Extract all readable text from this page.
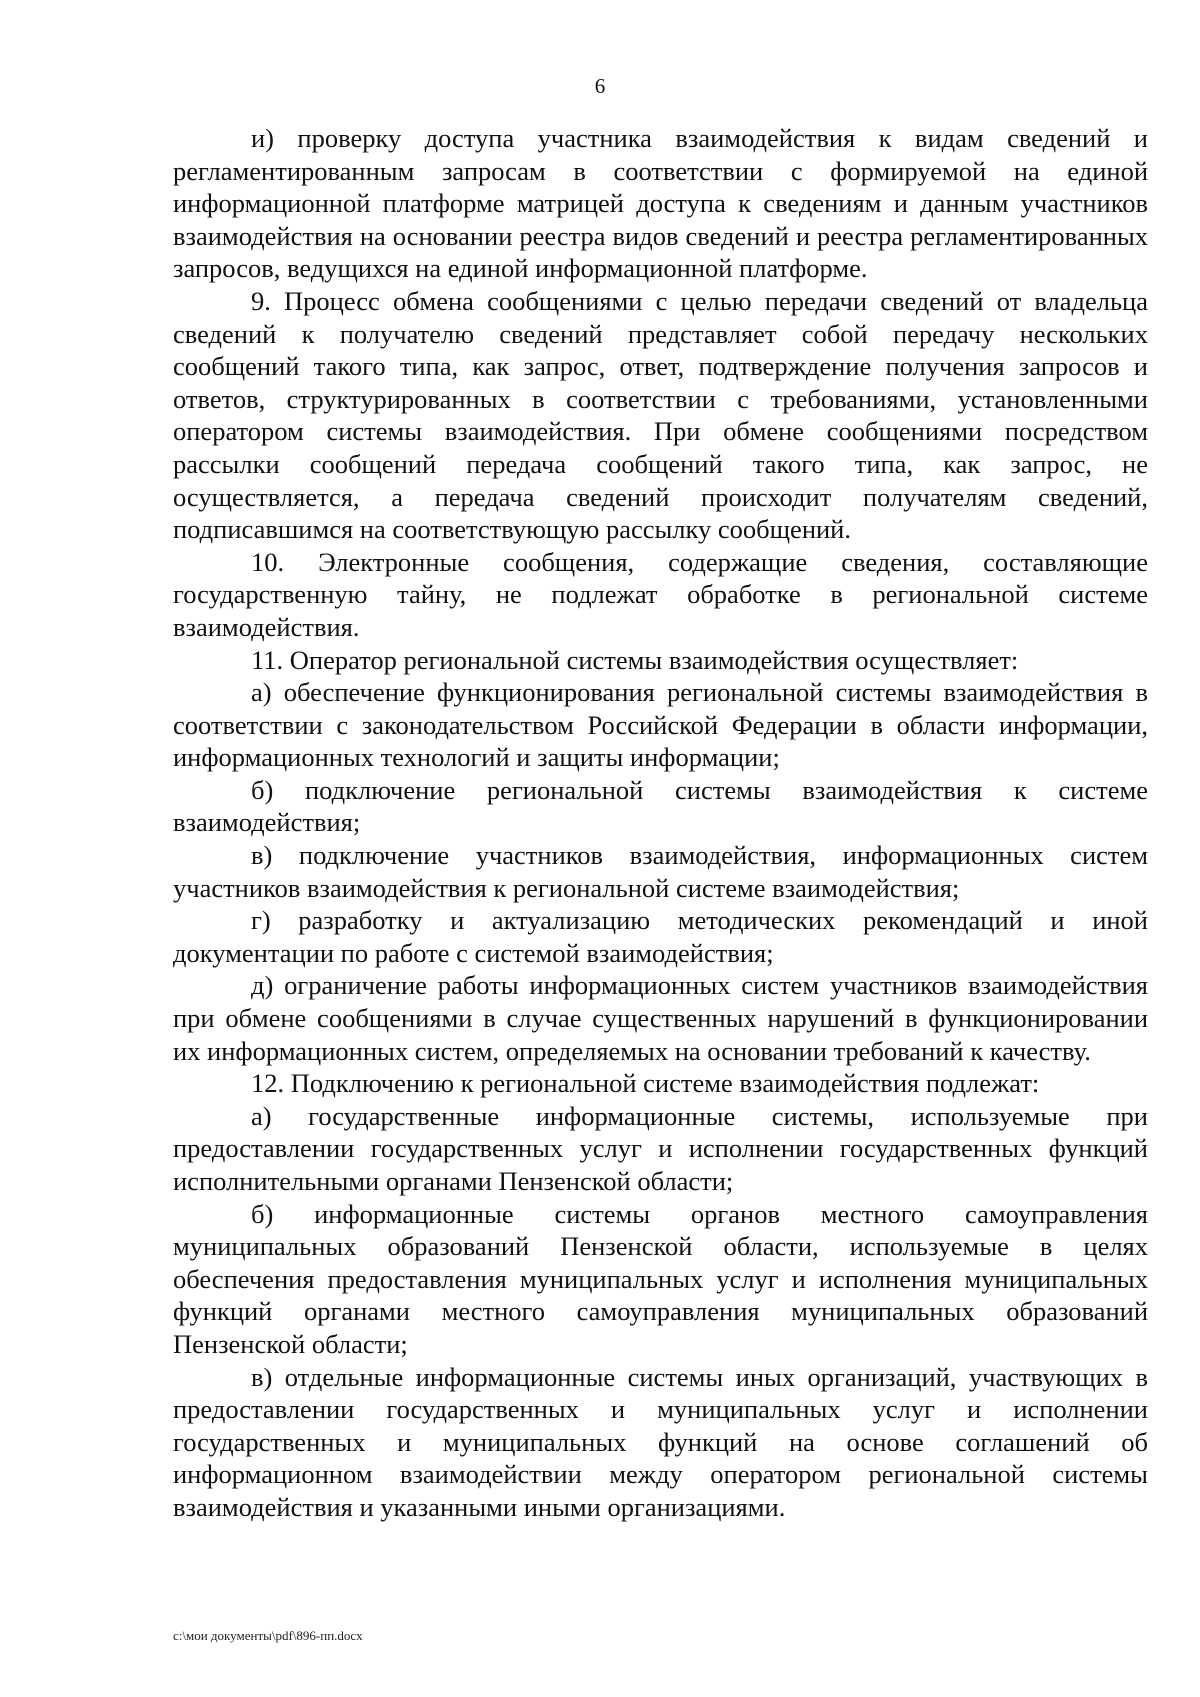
6

и) проверку доступа участника взаимодействия к видам сведений и регламентированным запросам в соответствии с формируемой на единой информационной платформе матрицей доступа к сведениям и данным участников взаимодействия на основании реестра видов сведений и реестра регламентированных запросов, ведущихся на единой информационной платформе.

9. Процесс обмена сообщениями с целью передачи сведений от владельца сведений к получателю сведений представляет собой передачу нескольких сообщений такого типа, как запрос, ответ, подтверждение получения запросов и ответов, структурированных в соответствии с требованиями, установленными оператором системы взаимодействия. При обмене сообщениями посредством рассылки сообщений передача сообщений такого типа, как запрос, не осуществляется, а передача сведений происходит получателям сведений, подписавшимся на соответствующую рассылку сообщений.

10. Электронные сообщения, содержащие сведения, составляющие государственную тайну, не подлежат обработке в региональной системе взаимодействия.

11. Оператор региональной системы взаимодействия осуществляет:

а) обеспечение функционирования региональной системы взаимодействия в соответствии с законодательством Российской Федерации в области информации, информационных технологий и защиты информации;

б) подключение региональной системы взаимодействия к системе взаимодействия;

в) подключение участников взаимодействия, информационных систем участников взаимодействия к региональной системе взаимодействия;

г) разработку и актуализацию методических рекомендаций и иной документации по работе с системой взаимодействия;

д) ограничение работы информационных систем участников взаимодействия при обмене сообщениями в случае существенных нарушений в функционировании их информационных систем, определяемых на основании требований к качеству.

12. Подключению к региональной системе взаимодействия подлежат:

а) государственные информационные системы, используемые при предоставлении государственных услуг и исполнении государственных функций исполнительными органами Пензенской области;

б) информационные системы органов местного самоуправления муниципальных образований Пензенской области, используемые в целях обеспечения предоставления муниципальных услуг и исполнения муниципальных функций органами местного самоуправления муниципальных образований Пензенской области;

в) отдельные информационные системы иных организаций, участвующих в предоставлении государственных и муниципальных услуг и исполнении государственных и муниципальных функций на основе соглашений об информационном взаимодействии между оператором региональной системы взаимодействия и указанными иными организациями.

c:\мои документы\pdf\896-пп.docx
